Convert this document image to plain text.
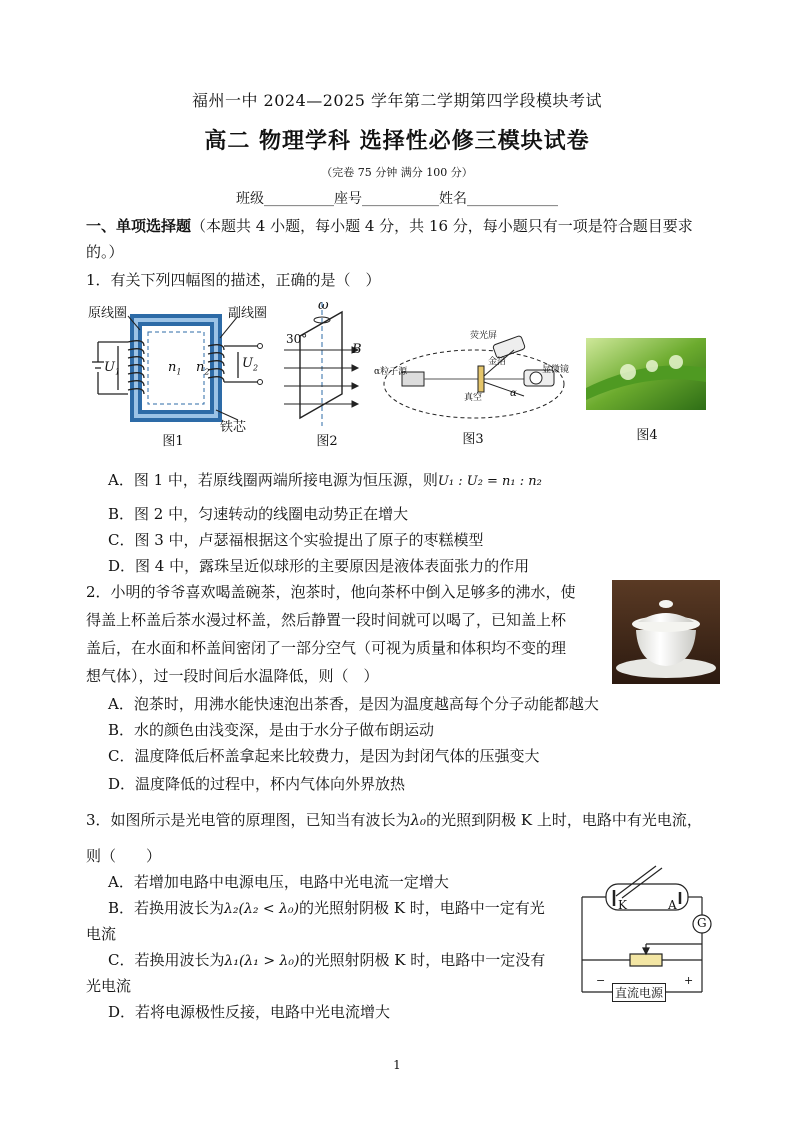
福州一中 2024—2025 学年第二学期第四学段模块考试
高二 物理学科 选择性必修三模块试卷
（完卷 75 分钟 满分 100 分）
班级__________座号___________姓名_____________
一、单项选择题（本题共 4 小题，每小题 4 分，共 16 分，每小题只有一项是符合题目要求
的。）
1．有关下列四幅图的描述，正确的是（　）
原线圈	副线圈
铁芯
$U_1$	$n_1$ $n_2$
$U_2$
图1
ω
30°
B
图2
荧光屏
金箔
α粒子源	显微镜
真空	α
图3	图4
A．图 1 中，若原线圈两端所接电源为恒压源，则U₁ : U₂ = n₁ : n₂
B．图 2 中，匀速转动的线圈电动势正在增大
C．图 3 中，卢瑟福根据这个实验提出了原子的枣糕模型
D．图 4 中，露珠呈近似球形的主要原因是液体表面张力的作用
2．小明的爷爷喜欢喝盖碗茶，泡茶时，他向茶杯中倒入足够多的沸水，使
得盖上杯盖后茶水漫过杯盖，然后静置一段时间就可以喝了，已知盖上杯
盖后，在水面和杯盖间密闭了一部分空气（可视为质量和体积均不变的理
想气体），过一段时间后水温降低，则（　）
A．泡茶时，用沸水能快速泡出茶香，是因为温度越高每个分子动能都越大
B．水的颜色由浅变深，是由于水分子做布朗运动
C．温度降低后杯盖拿起来比较费力，是因为封闭气体的压强变大
D．温度降低的过程中，杯内气体向外界放热
3．如图所示是光电管的原理图，已知当有波长为λ₀的光照到阴极 K 上时，电路中有光电流，
则（　　）
A．若增加电路中电源电压，电路中光电流一定增大
B．若换用波长为λ₂(λ₂ < λ₀)的光照射阴极 K 时，电路中一定有光
电流
C．若换用波长为λ₁(λ₁ > λ₀)的光照射阴极 K 时，电路中一定没有
光电流
D．若将电源极性反接，电路中光电流增大
K	A
G
直流电源
−	+
1
